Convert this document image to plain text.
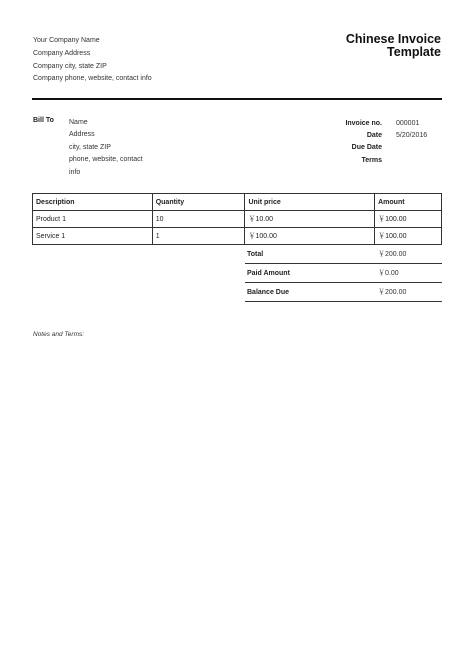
Your Company Name
Company Address
Company city, state ZIP
Company phone, website, contact info
Chinese Invoice
Template
Bill To Name
Address
city, state ZIP
phone, website, contact
info
Invoice no.	000001
Date	5/20/2016
Due Date
Terms
Description	Quantity	Unit price	Amount
Product 1	10	￥10.00	￥100.00
Service 1	1	￥100.00	￥100.00
Total	￥200.00
Paid Amount	￥0.00
Balance Due	￥200.00
Notes and Terms:
